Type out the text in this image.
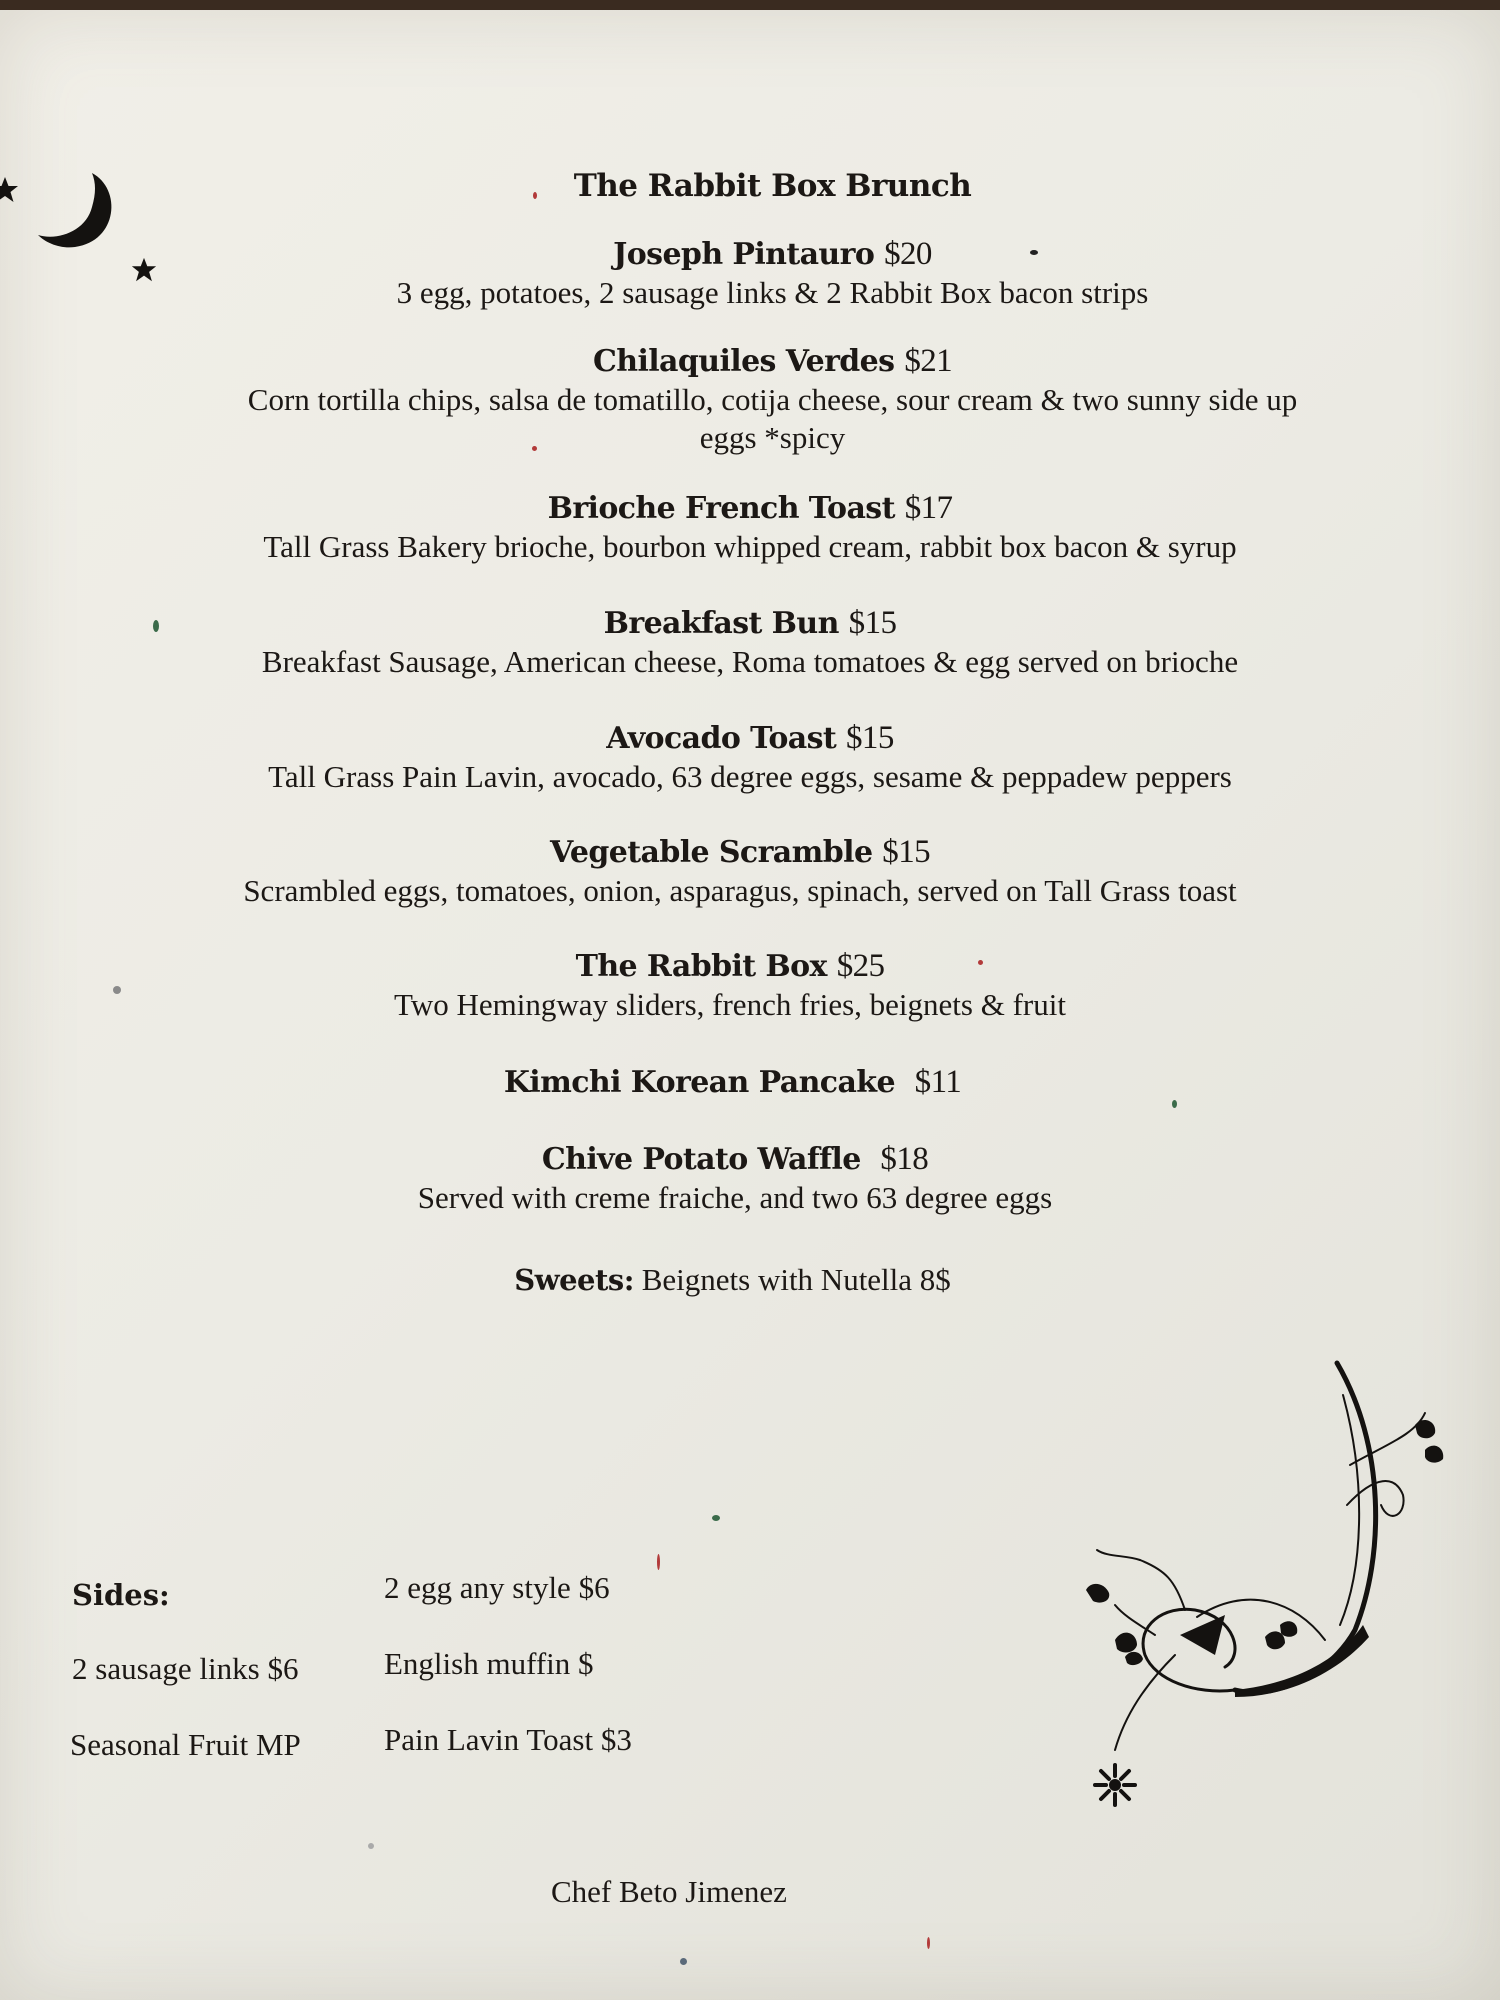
The Rabbit Box Brunch
Joseph Pintauro $20
3 egg, potatoes, 2 sausage links & 2 Rabbit Box bacon strips
Chilaquiles Verdes $21
Corn tortilla chips, salsa de tomatillo, cotija cheese, sour cream & two sunny side up
eggs *spicy
Brioche French Toast $17
Tall Grass Bakery brioche, bourbon whipped cream, rabbit box bacon & syrup
Breakfast Bun $15
Breakfast Sausage, American cheese, Roma tomatoes & egg served on brioche
Avocado Toast $15
Tall Grass Pain Lavin, avocado, 63 degree eggs, sesame & peppadew peppers
Vegetable Scramble $15
Scrambled eggs, tomatoes, onion, asparagus, spinach, served on Tall Grass toast
The Rabbit Box $25
Two Hemingway sliders, french fries, beignets & fruit
Kimchi Korean Pancake $11
Chive Potato Waffle $18
Served with creme fraiche, and two 63 degree eggs
Sweets: Beignets with Nutella 8$
Sides:
2 sausage links $6
Seasonal Fruit MP
2 egg any style $6
English muffin $
Pain Lavin Toast $3
Chef Beto Jimenez
